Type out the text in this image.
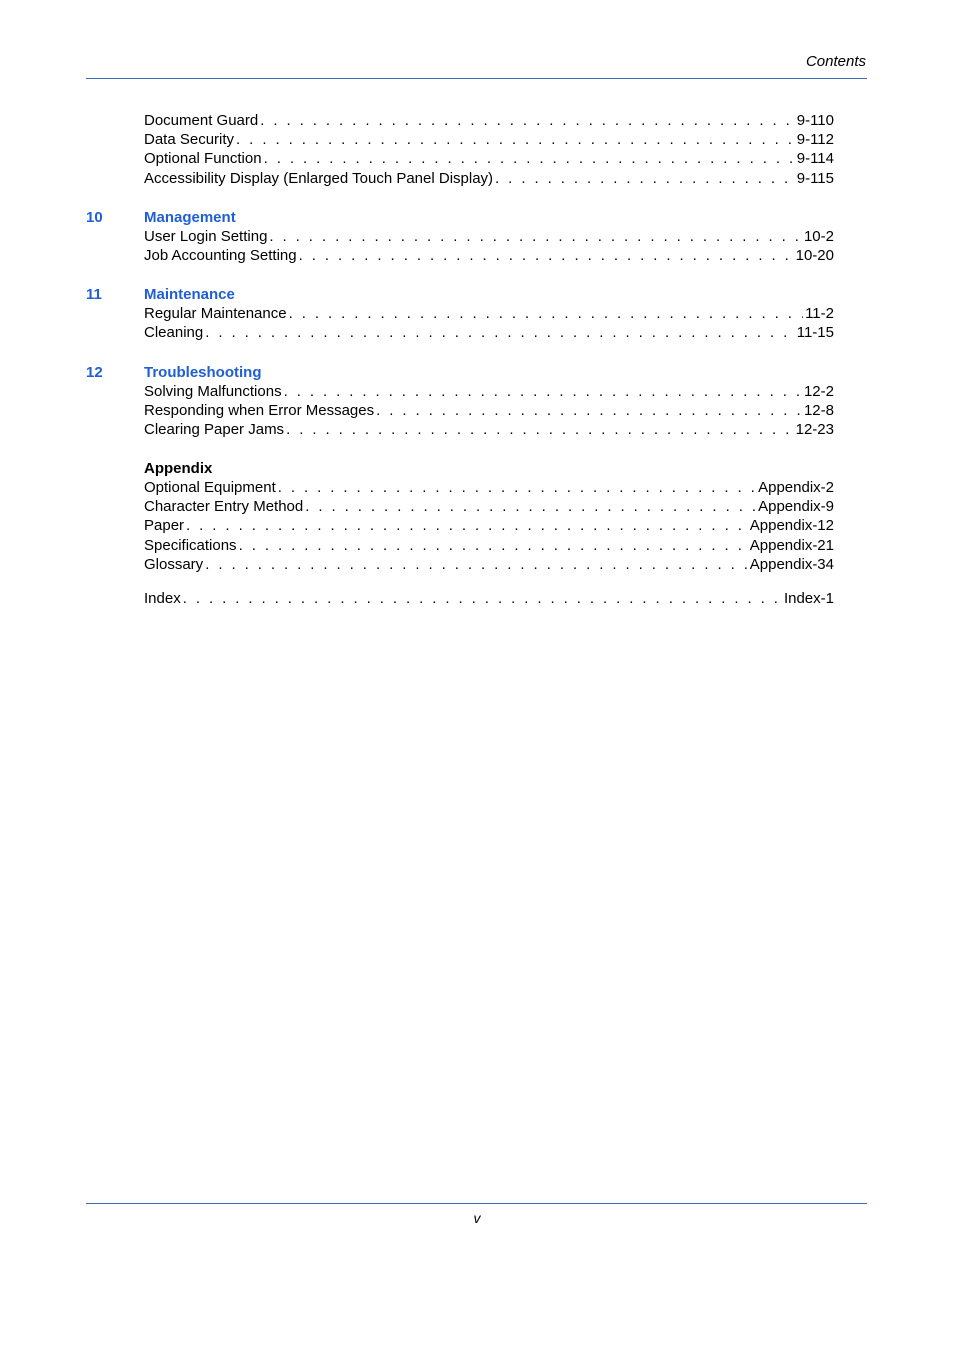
Contents
Document Guard . . .	9-110
Data Security . . .	9-112
Optional Function . . .	9-114
Accessibility Display (Enlarged Touch Panel Display) . . .	9-115
10	Management
User Login Setting . . .	10-2
Job Accounting Setting . . .	10-20
11	Maintenance
Regular Maintenance . . .	11-2
Cleaning . . .	11-15
12	Troubleshooting
Solving Malfunctions . . .	12-2
Responding when Error Messages . . .	12-8
Clearing Paper Jams . . .	12-23
Appendix
Optional Equipment . . .	Appendix-2
Character Entry Method . . .	Appendix-9
Paper . . .	Appendix-12
Specifications . . .	Appendix-21
Glossary . . .	Appendix-34
Index . . .	Index-1
v
